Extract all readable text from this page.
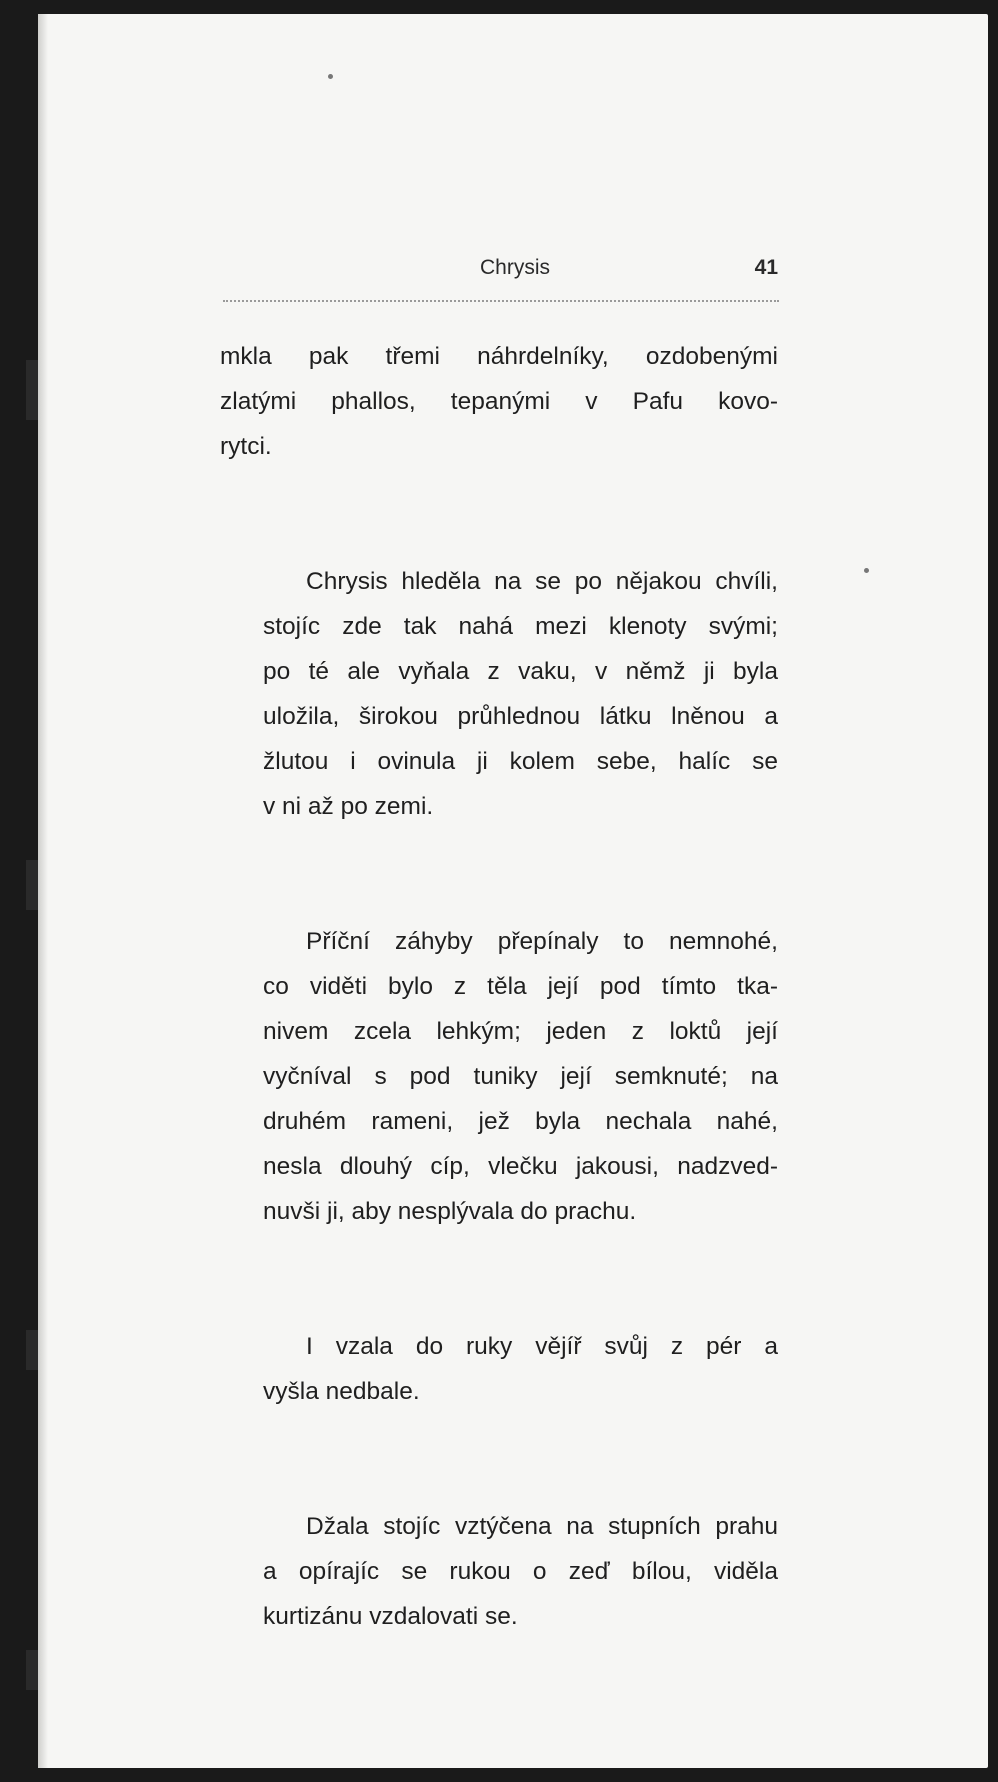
Chrysis	41

mkla pak třemi náhrdelníky, ozdobenými
zlatými phallos, tepanými v Pafu kovo-
rytci.

Chrysis hleděla na se po nějakou chvíli,
stojíc zde tak nahá mezi klenoty svými;
po té ale vyňala z vaku, v němž ji byla
uložila, širokou průhlednou látku lněnou a
žlutou i ovinula ji kolem sebe, halíc se
v ni až po zemi.

Příční záhyby přepínaly to nemnohé,
co viděti bylo z těla její pod tímto tka-
nivem zcela lehkým; jeden z loktů její
vyčníval s pod tuniky její semknuté; na
druhém rameni, jež byla nechala nahé,
nesla dlouhý cíp, vlečku jakousi, nadzved-
nuvši ji, aby nesplývala do prachu.

I vzala do ruky vějíř svůj z pér a
vyšla nedbale.

Džala stojíc vztýčena na stupních prahu
a opírajíc se rukou o zeď bílou, viděla
kurtizánu vzdalovati se.
